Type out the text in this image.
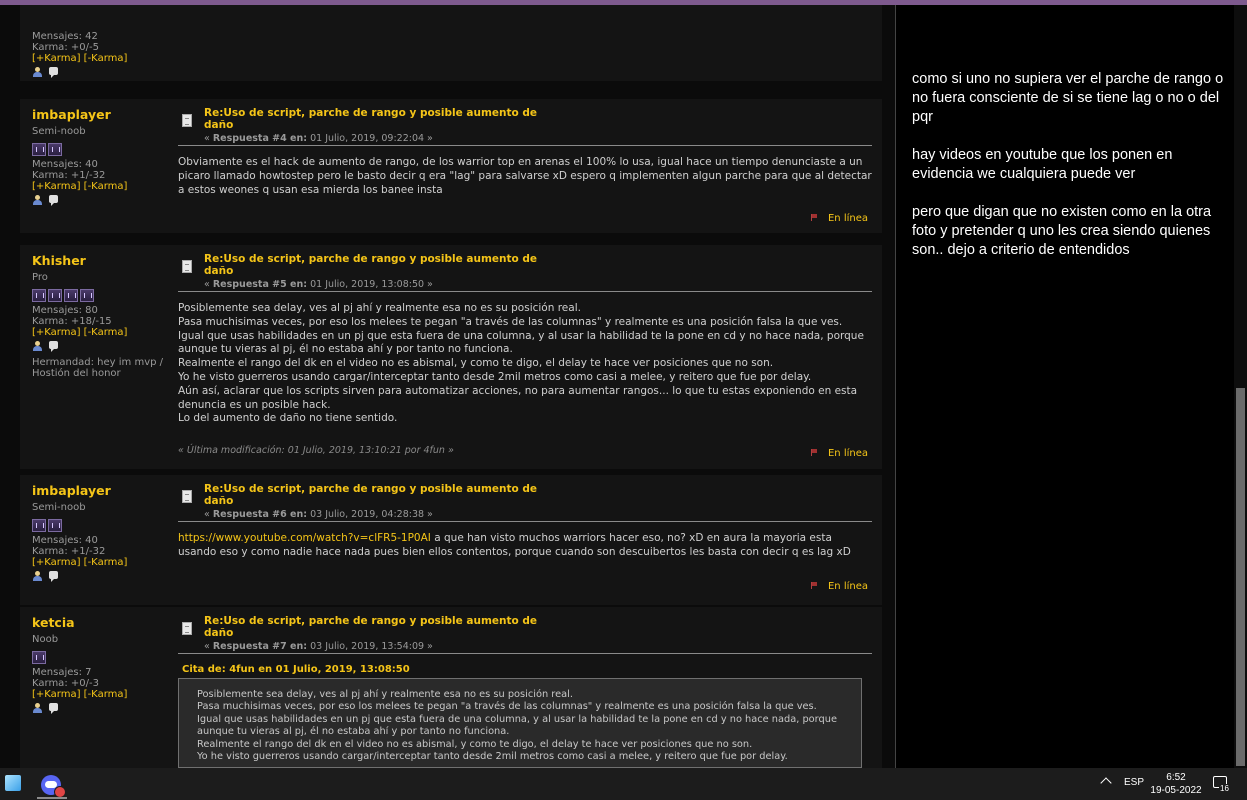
Mensajes: 42
Karma: +0/-5
[+Karma] [-Karma]
imbaplayer
Semi-noob
Mensajes: 40
Karma: +1/-32
[+Karma] [-Karma]
Re:Uso de script, parche de rango y posible aumento de daño
« Respuesta #4 en: 01 Julio, 2019, 09:22:04 »

Obviamente es el hack de aumento de rango, de los warrior top en arenas el 100% lo usa, igual hace un tiempo denunciaste a un picaro llamado howtostep pero le basto decir q era "lag" para salvarse xD espero q implementen algun parche para que al detectar a estos weones q usan esa mierda los banee insta

En línea
Khisher
Pro
Mensajes: 80
Karma: +18/-15
[+Karma] [-Karma]
Hermandad: hey im mvp / Hostión del honor
Re:Uso de script, parche de rango y posible aumento de daño
« Respuesta #5 en: 01 Julio, 2019, 13:08:50 »

Posiblemente sea delay, ves al pj ahí y realmente esa no es su posición real.

Pasa muchisimas veces, por eso los melees te pegan "a través de las columnas" y realmente es una posición falsa la que ves.

Igual que usas habilidades en un pj que esta fuera de una columna, y al usar la habilidad te la pone en cd y no hace nada, porque aunque tu vieras al pj, él no estaba ahí y por tanto no funciona.

Realmente el rango del dk en el video no es abismal, y como te digo, el delay te hace ver posiciones que no son.

Yo he visto guerreros usando cargar/interceptar tanto desde 2mil metros como casi a melee, y reitero que fue por delay.

Aún así, aclarar que los scripts sirven para automatizar acciones, no para aumentar rangos... lo que tu estas exponiendo en esta denuncia es un posible hack.

Lo del aumento de daño no tiene sentido.

« Última modificación: 01 Julio, 2019, 13:10:21 por 4fun »	En línea
imbaplayer
Semi-noob
Mensajes: 40
Karma: +1/-32
[+Karma] [-Karma]
Re:Uso de script, parche de rango y posible aumento de daño
« Respuesta #6 en: 03 Julio, 2019, 04:28:38 »

https://www.youtube.com/watch?v=clFR5-1P0AI a que han visto muchos warriors hacer eso, no? xD en aura la mayoria esta usando eso y como nadie hace nada pues bien ellos contentos, porque cuando son descuibertos les basta con decir q es lag xD

En línea
ketcia
Noob
Mensajes: 7
Karma: +0/-3
[+Karma] [-Karma]
Re:Uso de script, parche de rango y posible aumento de daño
« Respuesta #7 en: 03 Julio, 2019, 13:54:09 »
Cita de: 4fun en 01 Julio, 2019, 13:08:50

Posiblemente sea delay, ves al pj ahí y realmente esa no es su posición real.

Pasa muchisimas veces, por eso los melees te pegan "a través de las columnas" y realmente es una posición falsa la que ves.

Igual que usas habilidades en un pj que esta fuera de una columna, y al usar la habilidad te la pone en cd y no hace nada, porque aunque tu vieras al pj, él no estaba ahí y por tanto no funciona.

Realmente el rango del dk en el video no es abismal, y como te digo, el delay te hace ver posiciones que no son.

Yo he visto guerreros usando cargar/interceptar tanto desde 2mil metros como casi a melee, y reitero que fue por delay.

como si uno no supiera ver el parche de rango o no fuera consciente de si se tiene lag o no o del pqr

hay videos en youtube que los ponen en evidencia we cualquiera puede ver

pero que digan que no existen como en la otra foto y pretender q uno les crea siendo quienes son.. dejo a criterio de entendidos

ESP	6:52
19-05-2022	16
